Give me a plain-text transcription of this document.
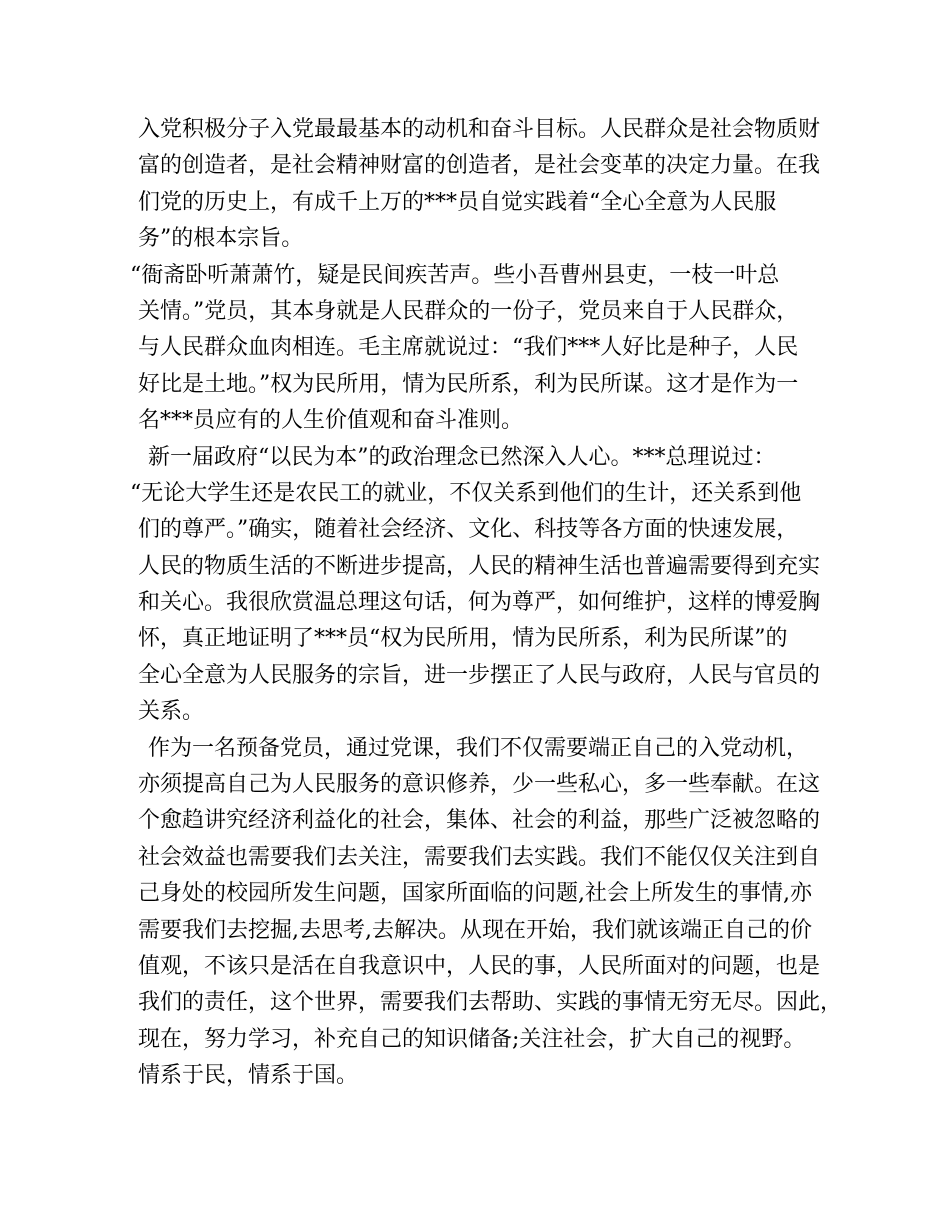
入党积极分子入党最最基本的动机和奋斗目标。人民群众是社会物质财
富的创造者，是社会精神财富的创造者，是社会变革的决定力量。在我
们党的历史上，有成千上万的***员自觉实践着“全心全意为人民服
务”的根本宗旨。
“衙斋卧听萧萧竹，疑是民间疾苦声。些小吾曹州县吏，一枝一叶总
关情。”党员，其本身就是人民群众的一份子，党员来自于人民群众，
与人民群众血肉相连。毛主席就说过：“我们***人好比是种子，人民
好比是土地。”权为民所用，情为民所系，利为民所谋。这才是作为一
名***员应有的人生价值观和奋斗准则。
新一届政府“以民为本”的政治理念已然深入人心。***总理说过：
“无论大学生还是农民工的就业，不仅关系到他们的生计，还关系到他
们的尊严。”确实，随着社会经济、文化、科技等各方面的快速发展，
人民的物质生活的不断进步提高，人民的精神生活也普遍需要得到充实
和关心。我很欣赏温总理这句话，何为尊严，如何维护，这样的博爱胸
怀，真正地证明了***员“权为民所用，情为民所系，利为民所谋”的
全心全意为人民服务的宗旨，进一步摆正了人民与政府，人民与官员的
关系。
作为一名预备党员，通过党课，我们不仅需要端正自己的入党动机，
亦须提高自己为人民服务的意识修养，少一些私心，多一些奉献。在这
个愈趋讲究经济利益化的社会，集体、社会的利益，那些广泛被忽略的
社会效益也需要我们去关注，需要我们去实践。我们不能仅仅关注到自
己身处的校园所发生问题，国家所面临的问题,社会上所发生的事情,亦
需要我们去挖掘,去思考,去解决。从现在开始，我们就该端正自己的价
值观，不该只是活在自我意识中，人民的事，人民所面对的问题，也是
我们的责任，这个世界，需要我们去帮助、实践的事情无穷无尽。因此，
现在，努力学习，补充自己的知识储备;关注社会，扩大自己的视野。
情系于民，情系于国。
